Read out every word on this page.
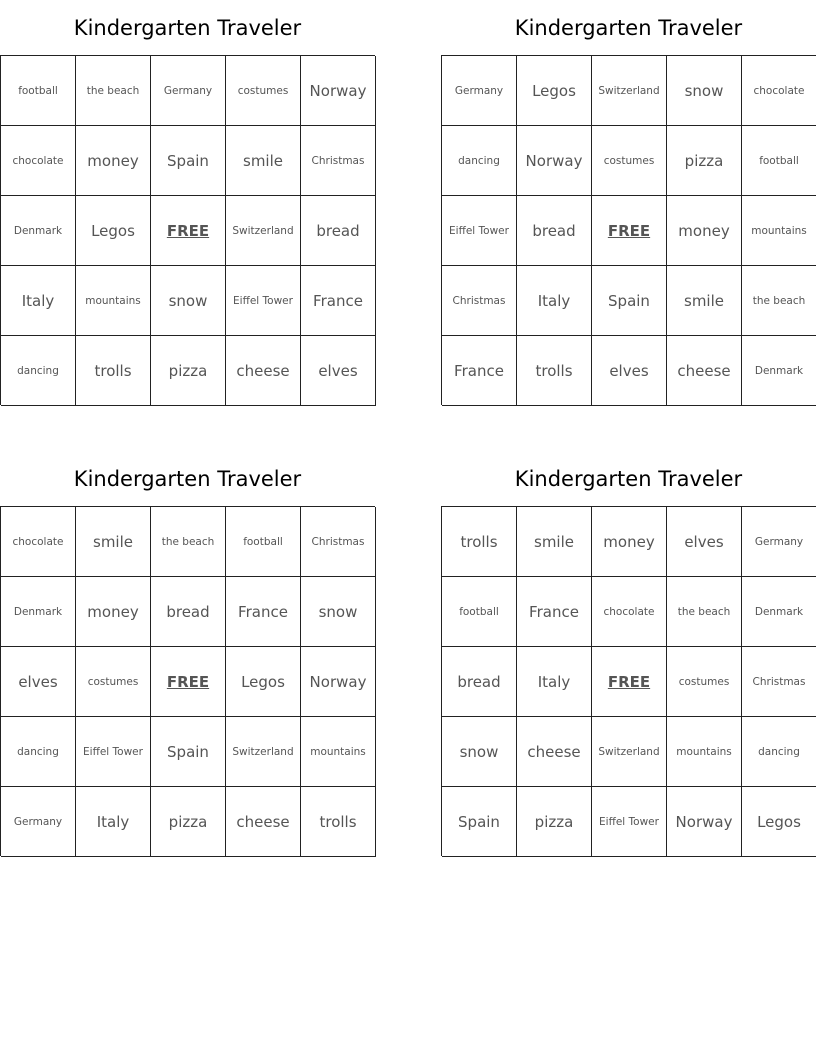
Kindergarten Traveler
football	the beach	Germany	costumes	Norway
chocolate	money	Spain	smile	Christmas
Denmark	Legos	FREE	Switzerland	bread
Italy	mountains	snow	Eiffel Tower	France
dancing	trolls	pizza	cheese	elves
Kindergarten Traveler
Germany	Legos	Switzerland	snow	chocolate
dancing	Norway	costumes	pizza	football
Eiffel Tower	bread	FREE	money	mountains
Christmas	Italy	Spain	smile	the beach
France	trolls	elves	cheese	Denmark
Kindergarten Traveler
chocolate	smile	the beach	football	Christmas
Denmark	money	bread	France	snow
elves	costumes	FREE	Legos	Norway
dancing	Eiffel Tower	Spain	Switzerland	mountains
Germany	Italy	pizza	cheese	trolls
Kindergarten Traveler
trolls	smile	money	elves	Germany
football	France	chocolate	the beach	Denmark
bread	Italy	FREE	costumes	Christmas
snow	cheese	Switzerland	mountains	dancing
Spain	pizza	Eiffel Tower	Norway	Legos
